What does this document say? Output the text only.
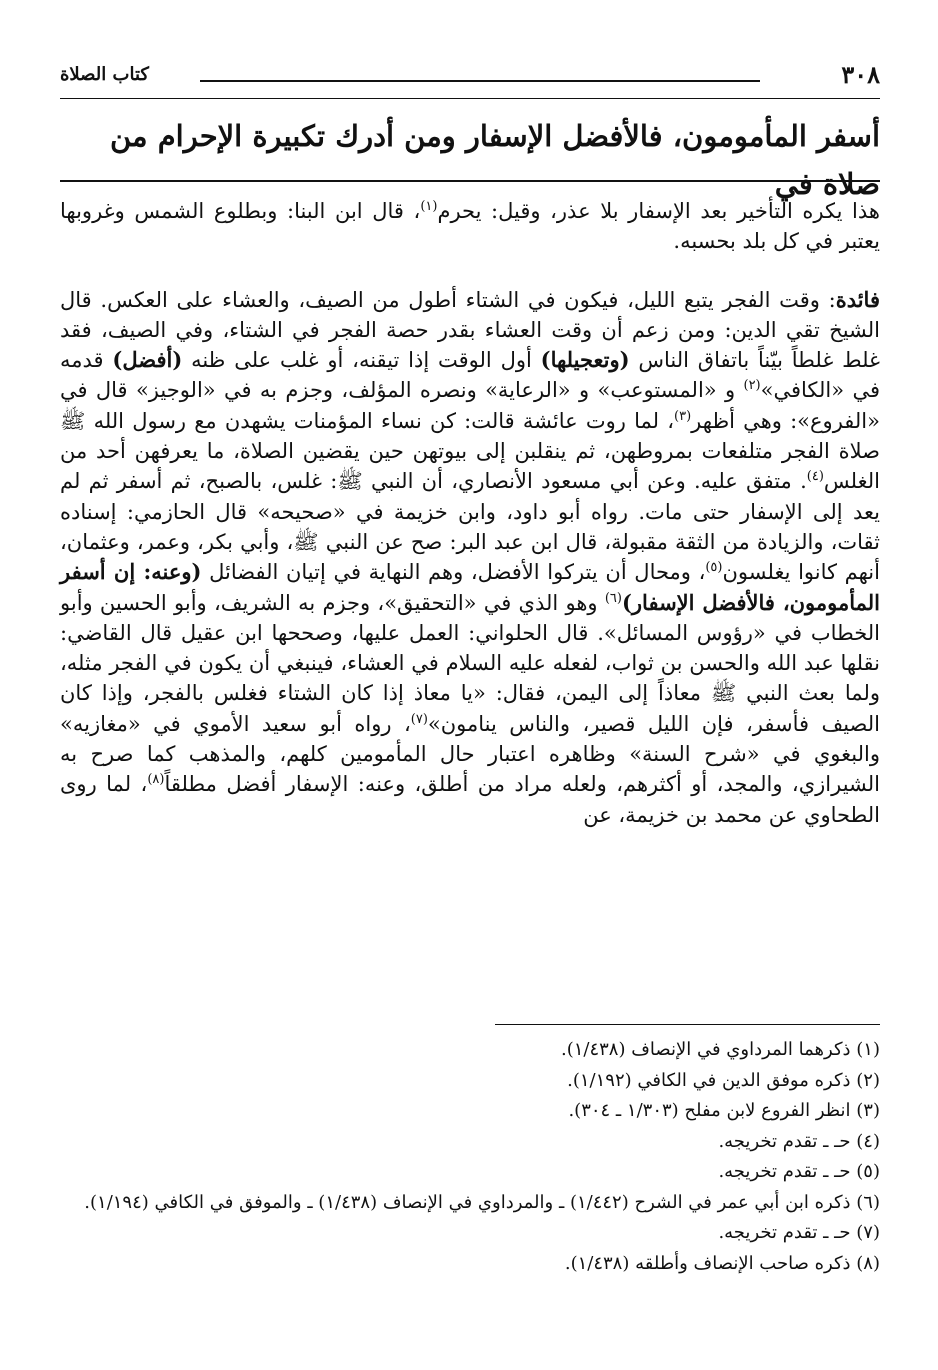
٣٠٨
كتاب الصلاة
أسفر المأمومون، فالأفضل الإسفار ومن أدرك تكبيرة الإحرام من صلاة في

هذا يكره التأخير بعد الإسفار بلا عذر، وقيل: يحرم$^{(١)}$، قال ابن البنا: وبطلوع الشمس وغروبها يعتبر في كل بلد بحسبه.

فائدة: وقت الفجر يتبع الليل، فيكون في الشتاء أطول من الصيف، والعشاء على العكس. قال الشيخ تقي الدين: ومن زعم أن وقت العشاء بقدر حصة الفجر في الشتاء، وفي الصيف، فقد غلط غلطاً بيّناً باتفاق الناس (وتعجيلها) أول الوقت إذا تيقنه، أو غلب على ظنه (أفضل) قدمه في «الكافي»$^{(٢)}$ و «المستوعب» و «الرعاية» ونصره المؤلف، وجزم به في «الوجيز» قال في «الفروع»: وهي أظهر$^{(٣)}$، لما روت عائشة قالت: كن نساء المؤمنات يشهدن مع رسول الله ﷺ صلاة الفجر متلفعات بمروطهن، ثم ينقلبن إلى بيوتهن حين يقضين الصلاة، ما يعرفهن أحد من الغلس$^{(٤)}$. متفق عليه. وعن أبي مسعود الأنصاري، أن النبي ﷺ: غلس، بالصبح، ثم أسفر ثم لم يعد إلى الإسفار حتى مات. رواه أبو داود، وابن خزيمة في «صحيحه» قال الحازمي: إسناده ثقات، والزيادة من الثقة مقبولة، قال ابن عبد البر: صح عن النبي ﷺ، وأبي بكر، وعمر، وعثمان، أنهم كانوا يغلسون$^{(٥)}$، ومحال أن يتركوا الأفضل، وهم النهاية في إتيان الفضائل (وعنه: إن أسفر المأمومون، فالأفضل الإسفار)$^{(٦)}$ وهو الذي في «التحقيق»، وجزم به الشريف، وأبو الحسين وأبو الخطاب في «رؤوس المسائل». قال الحلواني: العمل عليها، وصححها ابن عقيل قال القاضي: نقلها عبد الله والحسن بن ثواب، لفعله عليه السلام في العشاء، فينبغي أن يكون في الفجر مثله، ولما بعث النبي ﷺ معاذاً إلى اليمن، فقال: «يا معاذ إذا كان الشتاء فغلس بالفجر، وإذا كان الصيف فأسفر، فإن الليل قصير، والناس ينامون»$^{(٧)}$، رواه أبو سعيد الأموي في «مغازيه» والبغوي في «شرح السنة» وظاهره اعتبار حال المأمومين كلهم، والمذهب كما صرح به الشيرازي، والمجد، أو أكثرهم، ولعله مراد من أطلق، وعنه: الإسفار أفضل مطلقاً$^{(٨)}$، لما روى الطحاوي عن محمد بن خزيمة، عن

(١) ذكرهما المرداوي في الإنصاف (١/٤٣٨).
(٢) ذكره موفق الدين في الكافي (١/١٩٢).
(٣) انظر الفروع لابن مفلح (١/٣٠٣ ـ ٣٠٤).
(٤) حـ ـ تقدم تخريجه.
(٥) حـ ـ تقدم تخريجه.
(٦) ذكره ابن أبي عمر في الشرح (١/٤٤٢) ـ والمرداوي في الإنصاف (١/٤٣٨) ـ والموفق في الكافي (١/١٩٤).
(٧) حـ ـ تقدم تخريجه.
(٨) ذكره صاحب الإنصاف وأطلقه (١/٤٣٨).
